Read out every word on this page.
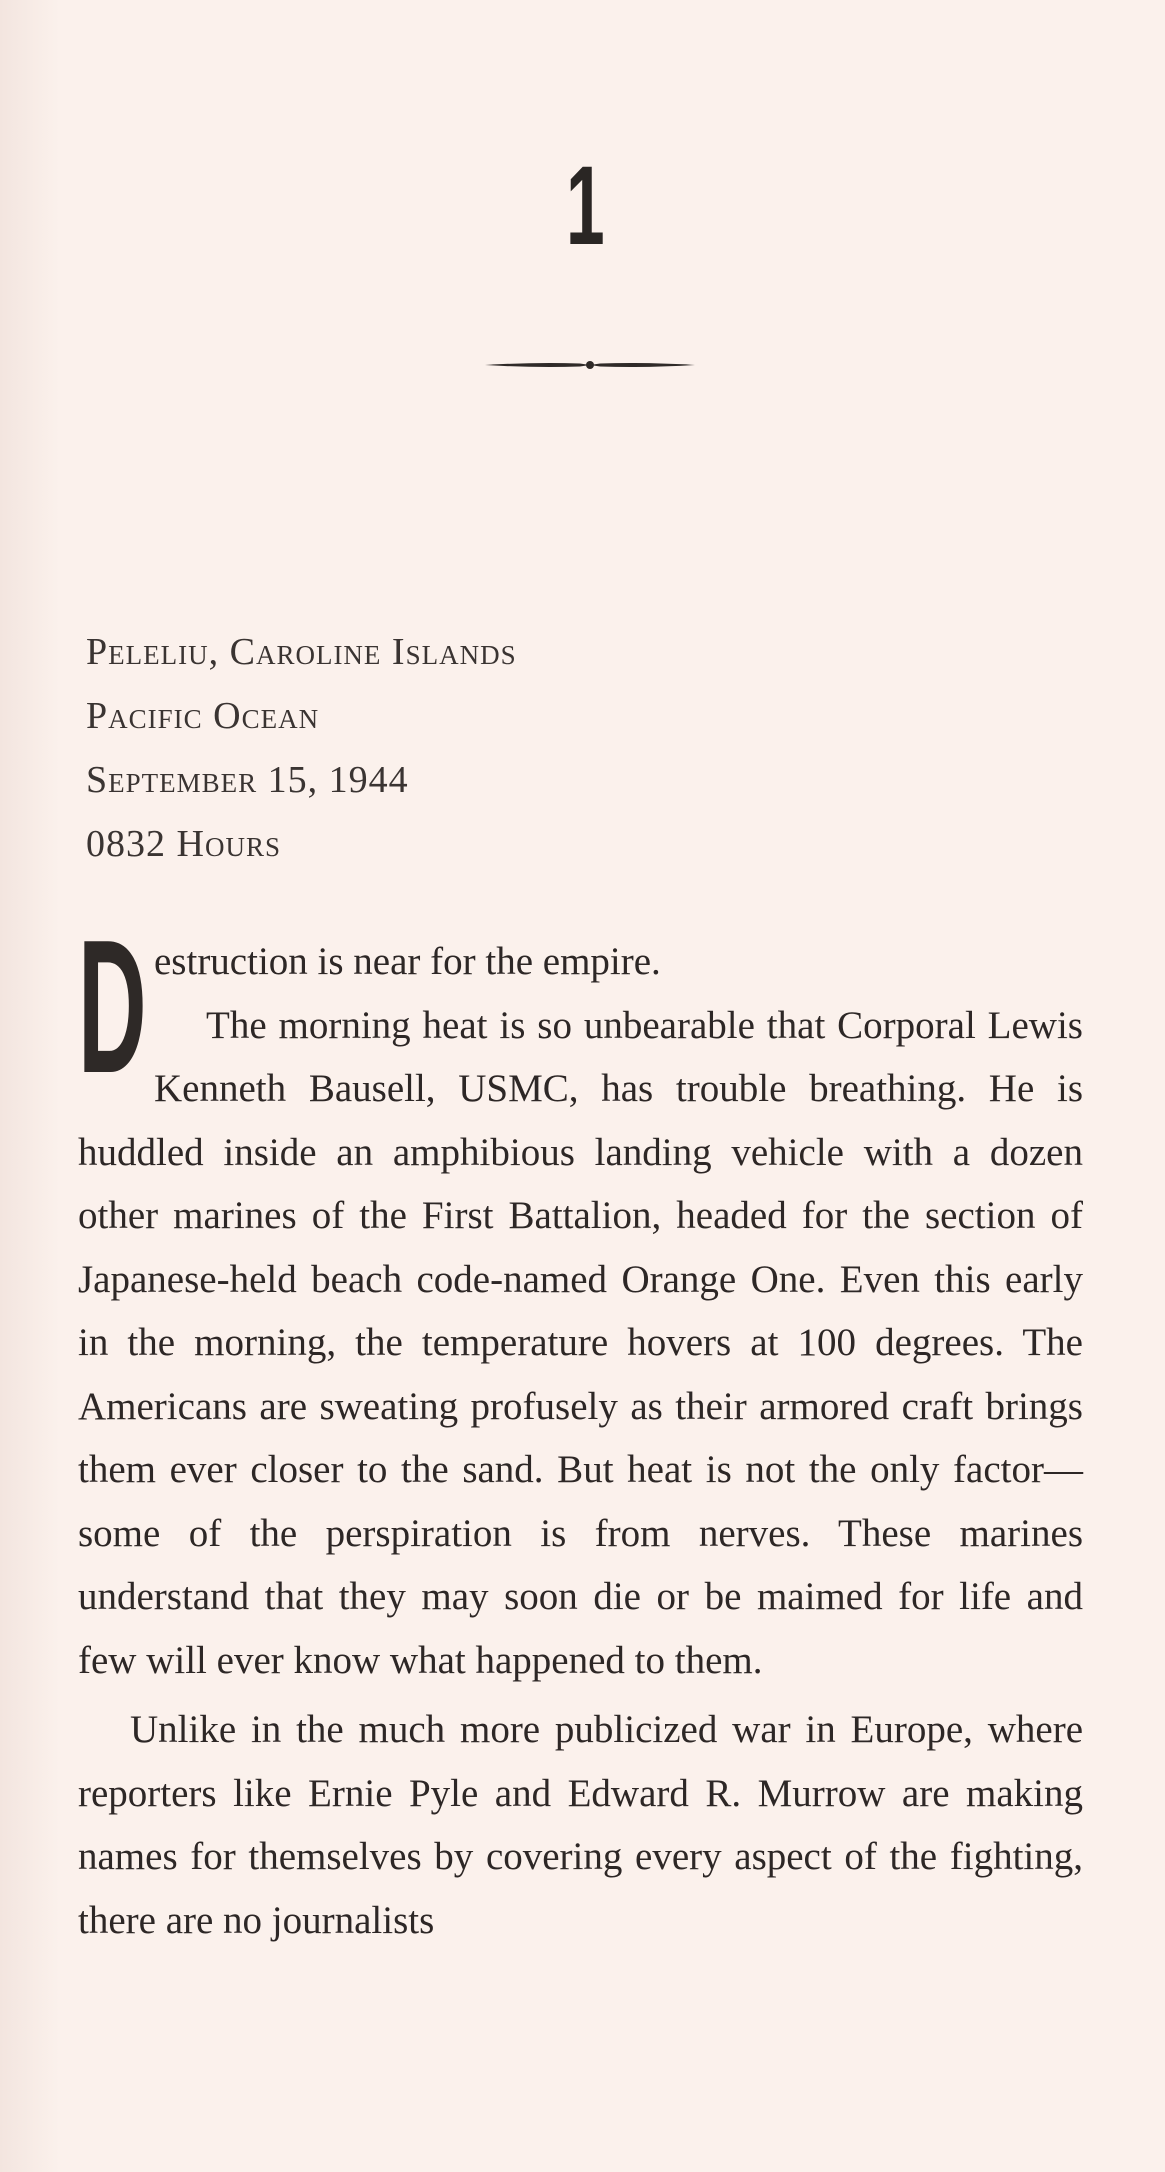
1
Peleliu, Caroline Islands
Pacific Ocean
September 15, 1944
0832 Hours
D estruction is near for the empire.

The morning heat is so unbearable that Corporal Lewis Kenneth Bausell, USMC, has trouble breathing. He is huddled inside an amphibious landing vehicle with a dozen other marines of the First Battalion, headed for the section of Japanese-held beach code-named Orange One. Even this early in the morning, the temperature hovers at 100 degrees. The Americans are sweating profusely as their armored craft brings them ever closer to the sand. But heat is not the only factor—some of the perspiration is from nerves. These marines understand that they may soon die or be maimed for life and few will ever know what happened to them.

Unlike in the much more publicized war in Europe, where reporters like Ernie Pyle and Edward R. Murrow are making names for themselves by covering every aspect of the fighting, there are no journalists
